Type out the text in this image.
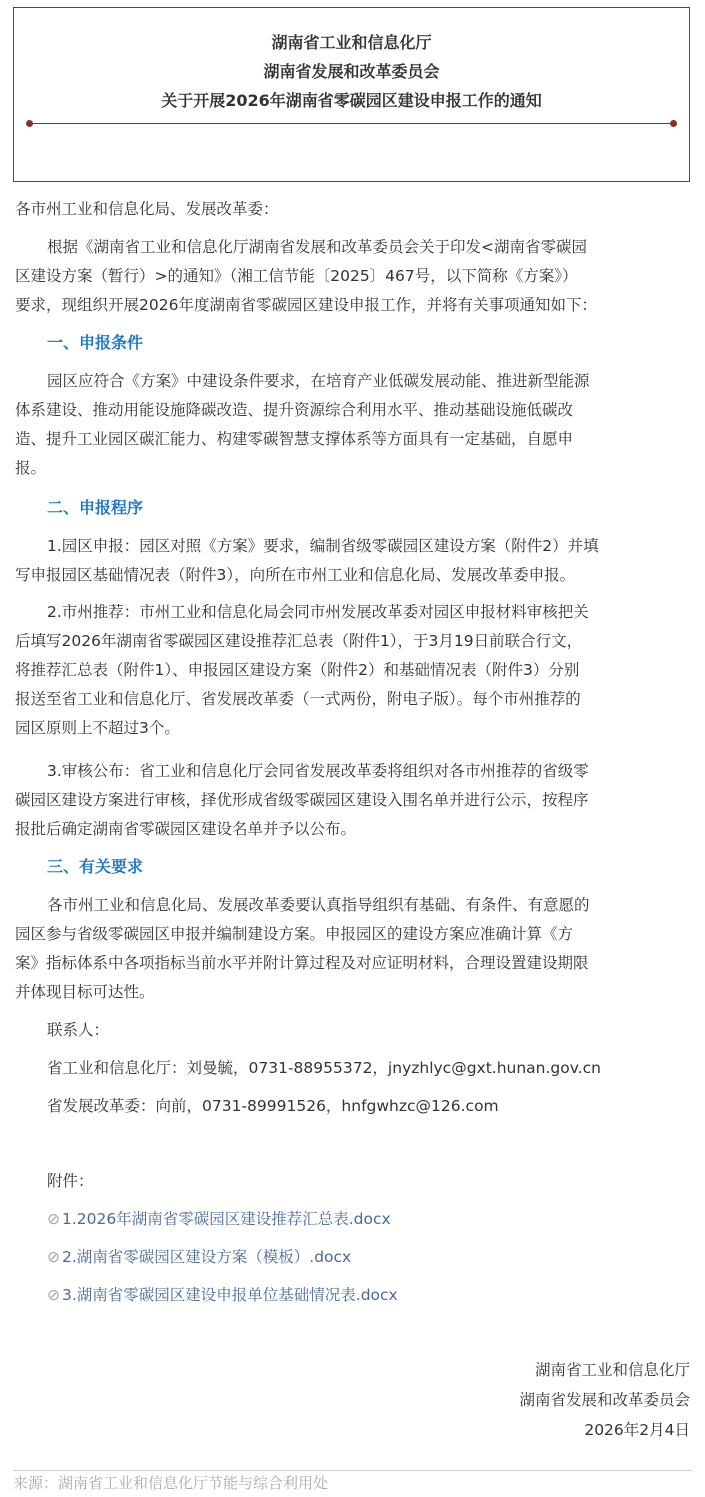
湖南省工业和信息化厅
湖南省发展和改革委员会
关于开展2026年湖南省零碳园区建设申报工作的通知
各市州工业和信息化局、发展改革委：
根据《湖南省工业和信息化厅湖南省发展和改革委员会关于印发<湖南省零碳园
区建设方案（暂行）>的通知》（湘工信节能〔2025〕467号，以下简称《方案》）
要求，现组织开展2026年度湖南省零碳园区建设申报工作，并将有关事项通知如下：
一、申报条件
园区应符合《方案》中建设条件要求，在培育产业低碳发展动能、推进新型能源
体系建设、推动用能设施降碳改造、提升资源综合利用水平、推动基础设施低碳改
造、提升工业园区碳汇能力、构建零碳智慧支撑体系等方面具有一定基础，自愿申
报。
二、申报程序
1.园区申报：园区对照《方案》要求，编制省级零碳园区建设方案（附件2）并填
写申报园区基础情况表（附件3），向所在市州工业和信息化局、发展改革委申报。
2.市州推荐：市州工业和信息化局会同市州发展改革委对园区申报材料审核把关
后填写2026年湖南省零碳园区建设推荐汇总表（附件1），于3月19日前联合行文，
将推荐汇总表（附件1）、申报园区建设方案（附件2）和基础情况表（附件3）分别
报送至省工业和信息化厅、省发展改革委（一式两份，附电子版）。每个市州推荐的
园区原则上不超过3个。
3.审核公布：省工业和信息化厅会同省发展改革委将组织对各市州推荐的省级零
碳园区建设方案进行审核，择优形成省级零碳园区建设入围名单并进行公示，按程序
报批后确定湖南省零碳园区建设名单并予以公布。
三、有关要求
各市州工业和信息化局、发展改革委要认真指导组织有基础、有条件、有意愿的
园区参与省级零碳园区申报并编制建设方案。申报园区的建设方案应准确计算《方
案》指标体系中各项指标当前水平并附计算过程及对应证明材料，合理设置建设期限
并体现目标可达性。
联系人：
省工业和信息化厅：刘曼毓，0731-88955372，jnyzhlyc@gxt.hunan.gov.cn
省发展改革委：向前，0731-89991526，hnfgwhzc@126.com
附件：
⊘ 1.2026年湖南省零碳园区建设推荐汇总表.docx
⊘ 2.湖南省零碳园区建设方案（模板）.docx
⊘ 3.湖南省零碳园区建设申报单位基础情况表.docx
湖南省工业和信息化厅
湖南省发展和改革委员会
2026年2月4日
来源：湖南省工业和信息化厅节能与综合利用处
